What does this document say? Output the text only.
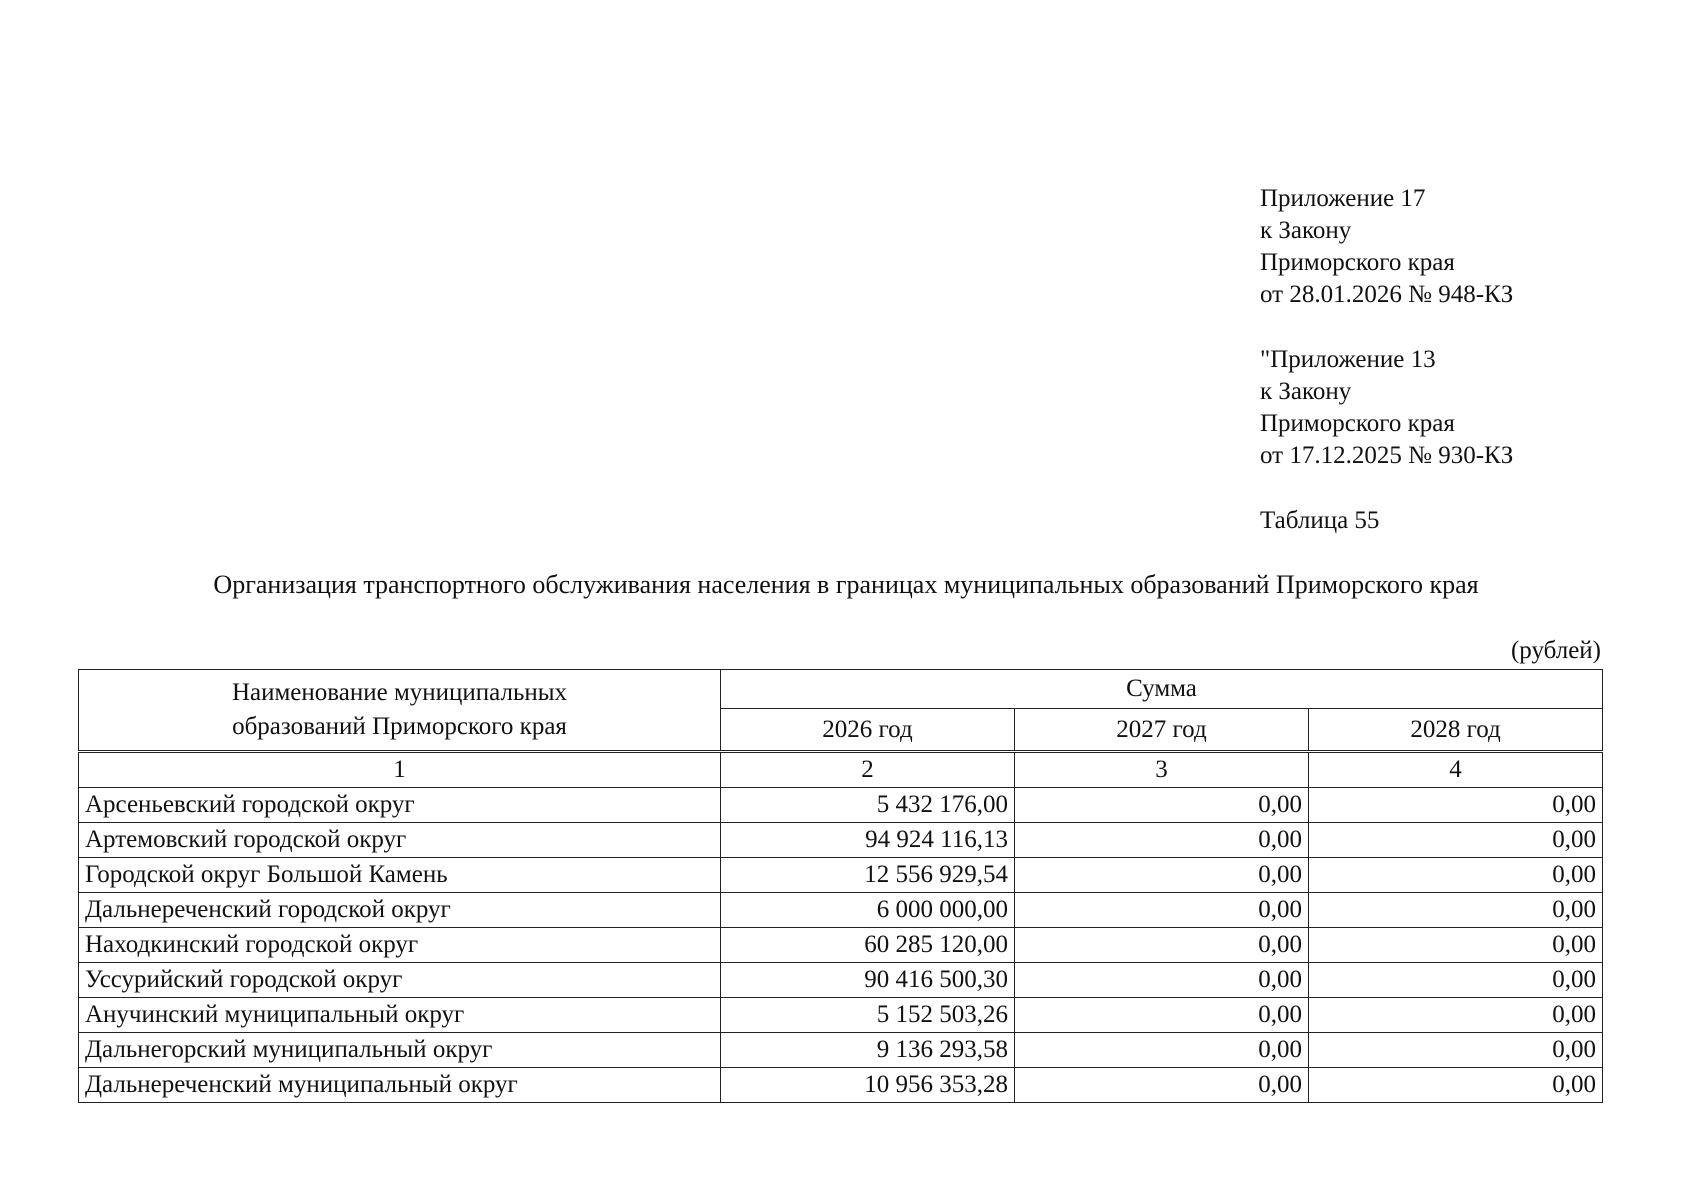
Приложение 17
к Закону
Приморского края
от 28.01.2026 № 948-КЗ
"Приложение 13
к Закону
Приморского края
от 17.12.2025 № 930-КЗ
Таблица 55
Организация транспортного обслуживания населения в границах муниципальных образований Приморского края
(рублей)
Наименование муниципальных образований Приморского края	Сумма		
	2026 год	2027 год	2028 год
1	2	3	4
Арсеньевский городской округ	5 432 176,00	0,00	0,00
Артемовский городской округ	94 924 116,13	0,00	0,00
Городской округ Большой Камень	12 556 929,54	0,00	0,00
Дальнереченский городской округ	6 000 000,00	0,00	0,00
Находкинский городской округ	60 285 120,00	0,00	0,00
Уссурийский городской округ	90 416 500,30	0,00	0,00
Анучинский муниципальный округ	5 152 503,26	0,00	0,00
Дальнегорский муниципальный округ	9 136 293,58	0,00	0,00
Дальнереченский муниципальный округ	10 956 353,28	0,00	0,00
